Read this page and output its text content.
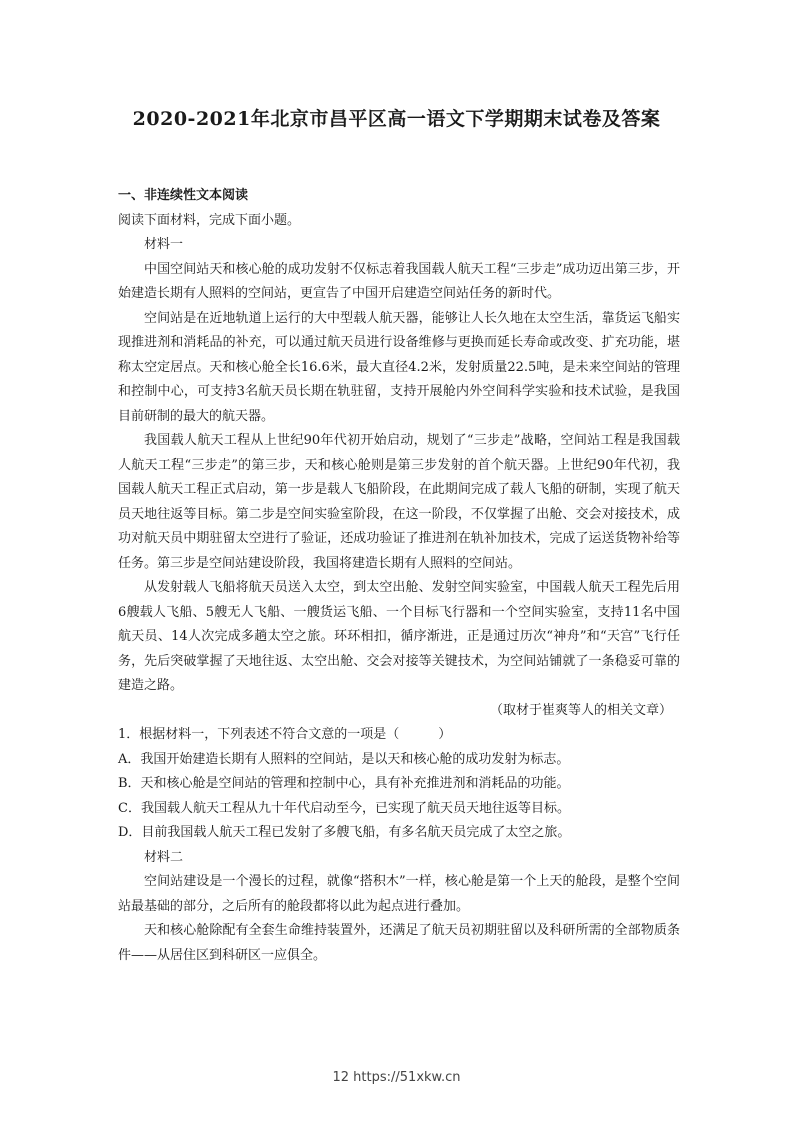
2020-2021年北京市昌平区高一语文下学期期末试卷及答案

一、非连续性文本阅读

阅读下面材料，完成下面小题。

材料一

中国空间站天和核心舱的成功发射不仅标志着我国载人航天工程“三步走”成功迈出第三步，开始建造长期有人照料的空间站，更宣告了中国开启建造空间站任务的新时代。

空间站是在近地轨道上运行的大中型载人航天器，能够让人长久地在太空生活，靠货运飞船实现推进剂和消耗品的补充，可以通过航天员进行设备维修与更换而延长寿命或改变、扩充功能，堪称太空定居点。天和核心舱全长16.6米，最大直径4.2米，发射质量22.5吨，是未来空间站的管理和控制中心，可支持3名航天员长期在轨驻留，支持开展舱内外空间科学实验和技术试验，是我国目前研制的最大的航天器。

我国载人航天工程从上世纪90年代初开始启动，规划了“三步走”战略，空间站工程是我国载人航天工程“三步走”的第三步，天和核心舱则是第三步发射的首个航天器。上世纪90年代初，我国载人航天工程正式启动，第一步是载人飞船阶段，在此期间完成了载人飞船的研制，实现了航天员天地往返等目标。第二步是空间实验室阶段，在这一阶段，不仅掌握了出舱、交会对接技术，成功对航天员中期驻留太空进行了验证，还成功验证了推进剂在轨补加技术，完成了运送货物补给等任务。第三步是空间站建设阶段，我国将建造长期有人照料的空间站。

从发射载人飞船将航天员送入太空，到太空出舱、发射空间实验室，中国载人航天工程先后用6艘载人飞船、5艘无人飞船、一艘货运飞船、一个目标飞行器和一个空间实验室，支持11名中国航天员、14人次完成多趟太空之旅。环环相扣，循序渐进，正是通过历次“神舟”和“天宫”飞行任务，先后突破掌握了天地往返、太空出舱、交会对接等关键技术，为空间站铺就了一条稳妥可靠的建造之路。

（取材于崔爽等人的相关文章）

1．根据材料一，下列表述不符合文意的一项是（　　　）

A．我国开始建造长期有人照料的空间站，是以天和核心舱的成功发射为标志。

B．天和核心舱是空间站的管理和控制中心，具有补充推进剂和消耗品的功能。

C．我国载人航天工程从九十年代启动至今，已实现了航天员天地往返等目标。

D．目前我国载人航天工程已发射了多艘飞船，有多名航天员完成了太空之旅。

材料二

空间站建设是一个漫长的过程，就像“搭积木”一样，核心舱是第一个上天的舱段，是整个空间站最基础的部分，之后所有的舱段都将以此为起点进行叠加。

天和核心舱除配有全套生命维持装置外，还满足了航天员初期驻留以及科研所需的全部物质条件——从居住区到科研区一应俱全。

12 https://51xkw.cn
